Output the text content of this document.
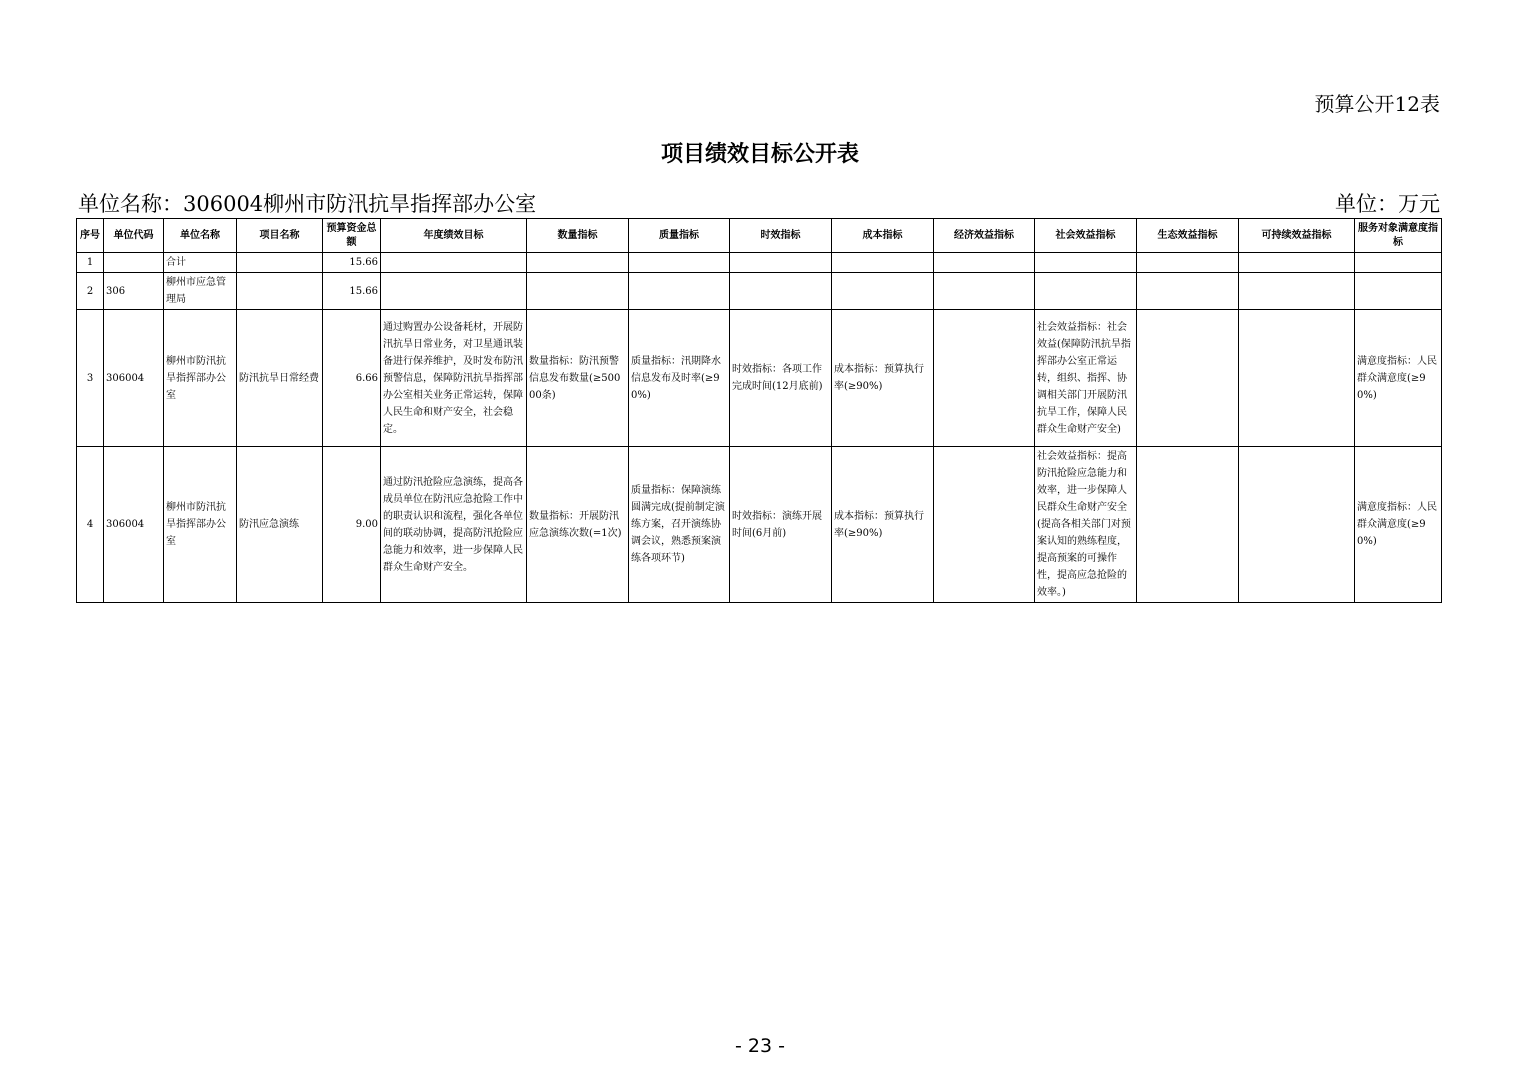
预算公开12表
项目绩效目标公开表
单位名称：306004柳州市防汛抗旱指挥部办公室	单位：万元
序号	单位代码	单位名称	项目名称	预算资金总额	年度绩效目标	数量指标	质量指标	时效指标	成本指标	经济效益指标	社会效益指标	生态效益指标	可持续效益指标	服务对象满意度指标
1		合计		15.66										
2	306	柳州市应急管理局		15.66										
3	306004	柳州市防汛抗旱指挥部办公室	防汛抗旱日常经费	6.66	通过购置办公设备耗材，开展防汛抗旱日常业务，对卫星通讯装备进行保养维护，及时发布防汛预警信息，保障防汛抗旱指挥部办公室相关业务正常运转，保障人民生命和财产安全，社会稳定。	数量指标：防汛预警信息发布数量(≥50000条)	质量指标：汛期降水信息发布及时率(≥90%)	时效指标：各项工作完成时间(12月底前)	成本指标：预算执行率(≥90%)		社会效益指标：社会效益(保障防汛抗旱指挥部办公室正常运转，组织、指挥、协调相关部门开展防汛抗旱工作，保障人民群众生命财产安全)			满意度指标：人民群众满意度(≥90%)
4	306004	柳州市防汛抗旱指挥部办公室	防汛应急演练	9.00	通过防汛抢险应急演练，提高各成员单位在防汛应急抢险工作中的职责认识和流程，强化各单位间的联动协调，提高防汛抢险应急能力和效率，进一步保障人民群众生命财产安全。	数量指标：开展防汛应急演练次数(=1次)	质量指标：保障演练圆满完成(提前制定演练方案，召开演练协调会议，熟悉预案演练各项环节)	时效指标：演练开展时间(6月前)	成本指标：预算执行率(≥90%)		社会效益指标：提高防汛抢险应急能力和效率，进一步保障人民群众生命财产安全(提高各相关部门对预案认知的熟练程度，提高预案的可操作性，提高应急抢险的效率。)			满意度指标：人民群众满意度(≥90%)
- 23 -
